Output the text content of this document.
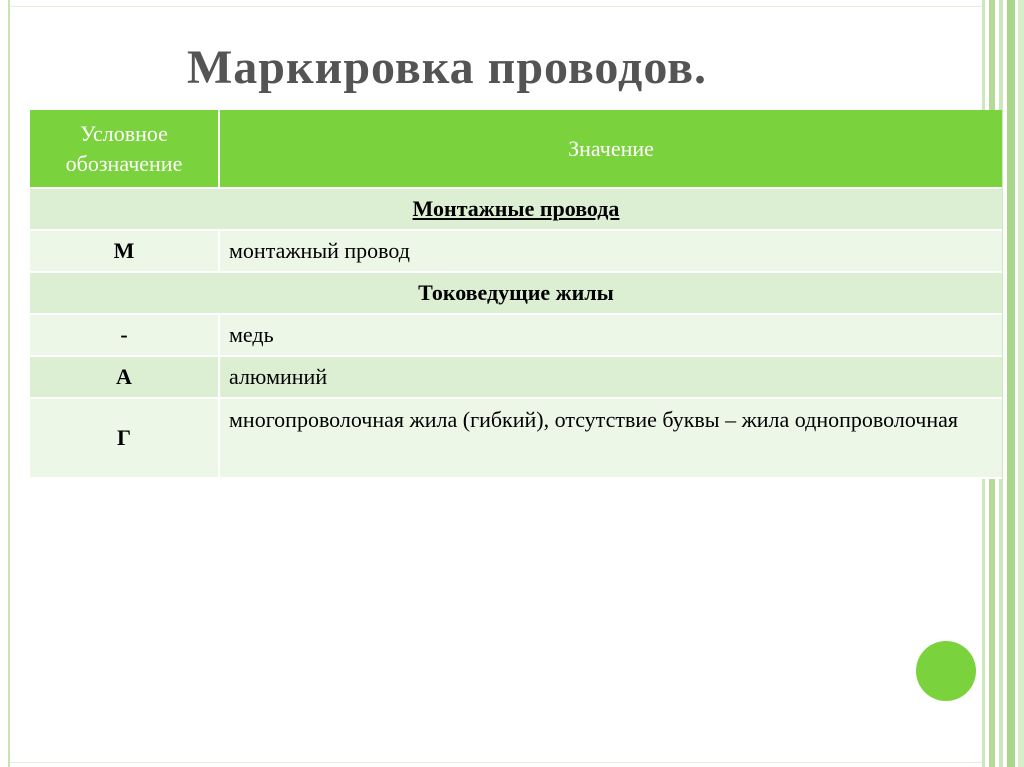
Маркировка проводов.
Условное обозначение	Значение
Монтажные провода	
М	монтажный провод
Токоведущие жилы	
-	медь
А	алюминий
Г	многопроволочная жила (гибкий), отсутствие буквы – жила однопроволочная
